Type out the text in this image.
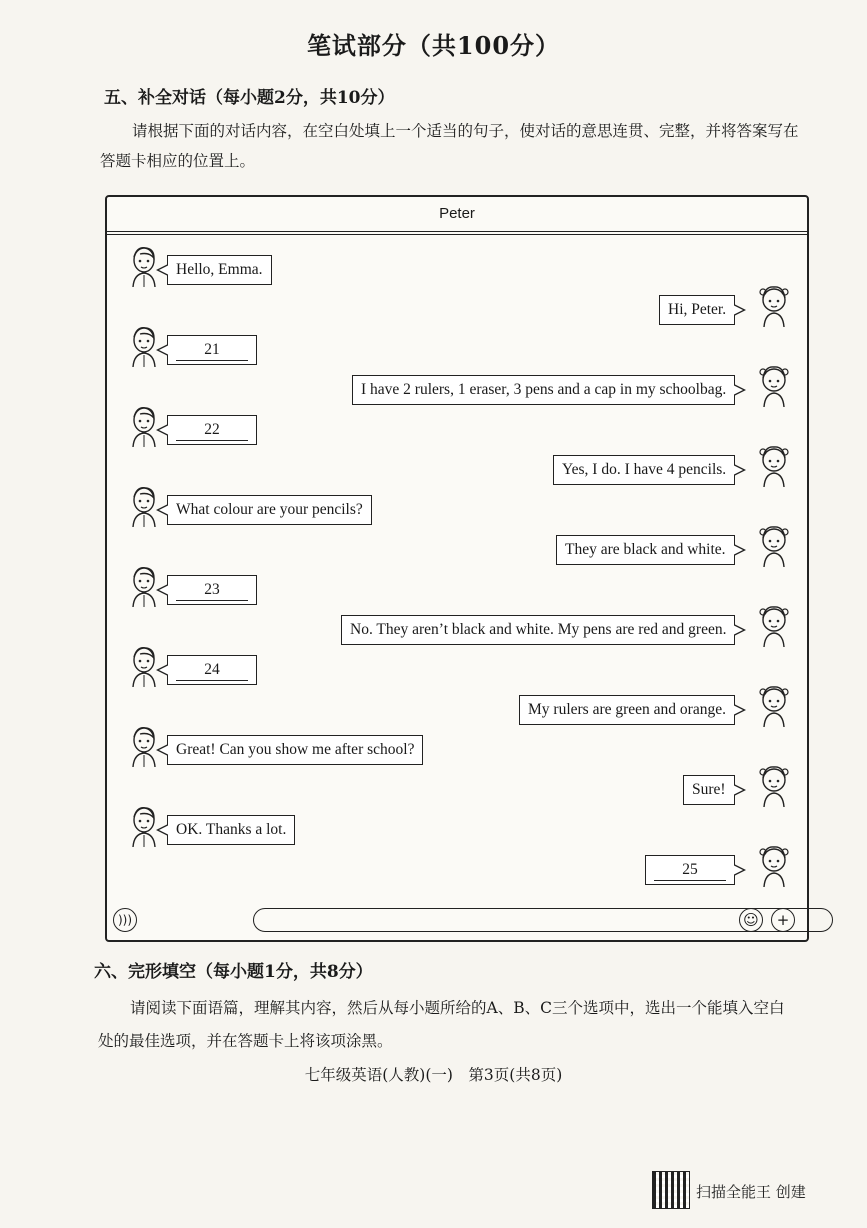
笔试部分（共100分）
五、补全对话（每小题2分，共10分）
请根据下面的对话内容，在空白处填上一个适当的句子，使对话的意思连贯、完整，并将答案写在
答题卡相应的位置上。
Peter
Hello, Emma.
Hi, Peter.
21
I have 2 rulers, 1 eraser, 3 pens and a cap in my schoolbag.
22
Yes, I do. I have 4 pencils.
What colour are your pencils?
They are black and white.
23
No. They aren’t black and white. My pens are red and green.
24
My rulers are green and orange.
Great! Can you show me after school?
Sure!
OK. Thanks a lot.
25
)))	☺	+
六、完形填空（每小题1分，共8分）
请阅读下面语篇，理解其内容，然后从每小题所给的A、B、C三个选项中，选出一个能填入空白
处的最佳选项，并在答题卡上将该项涂黑。
七年级英语(人教)(一)　第3页(共8页)
扫描全能王 创建
